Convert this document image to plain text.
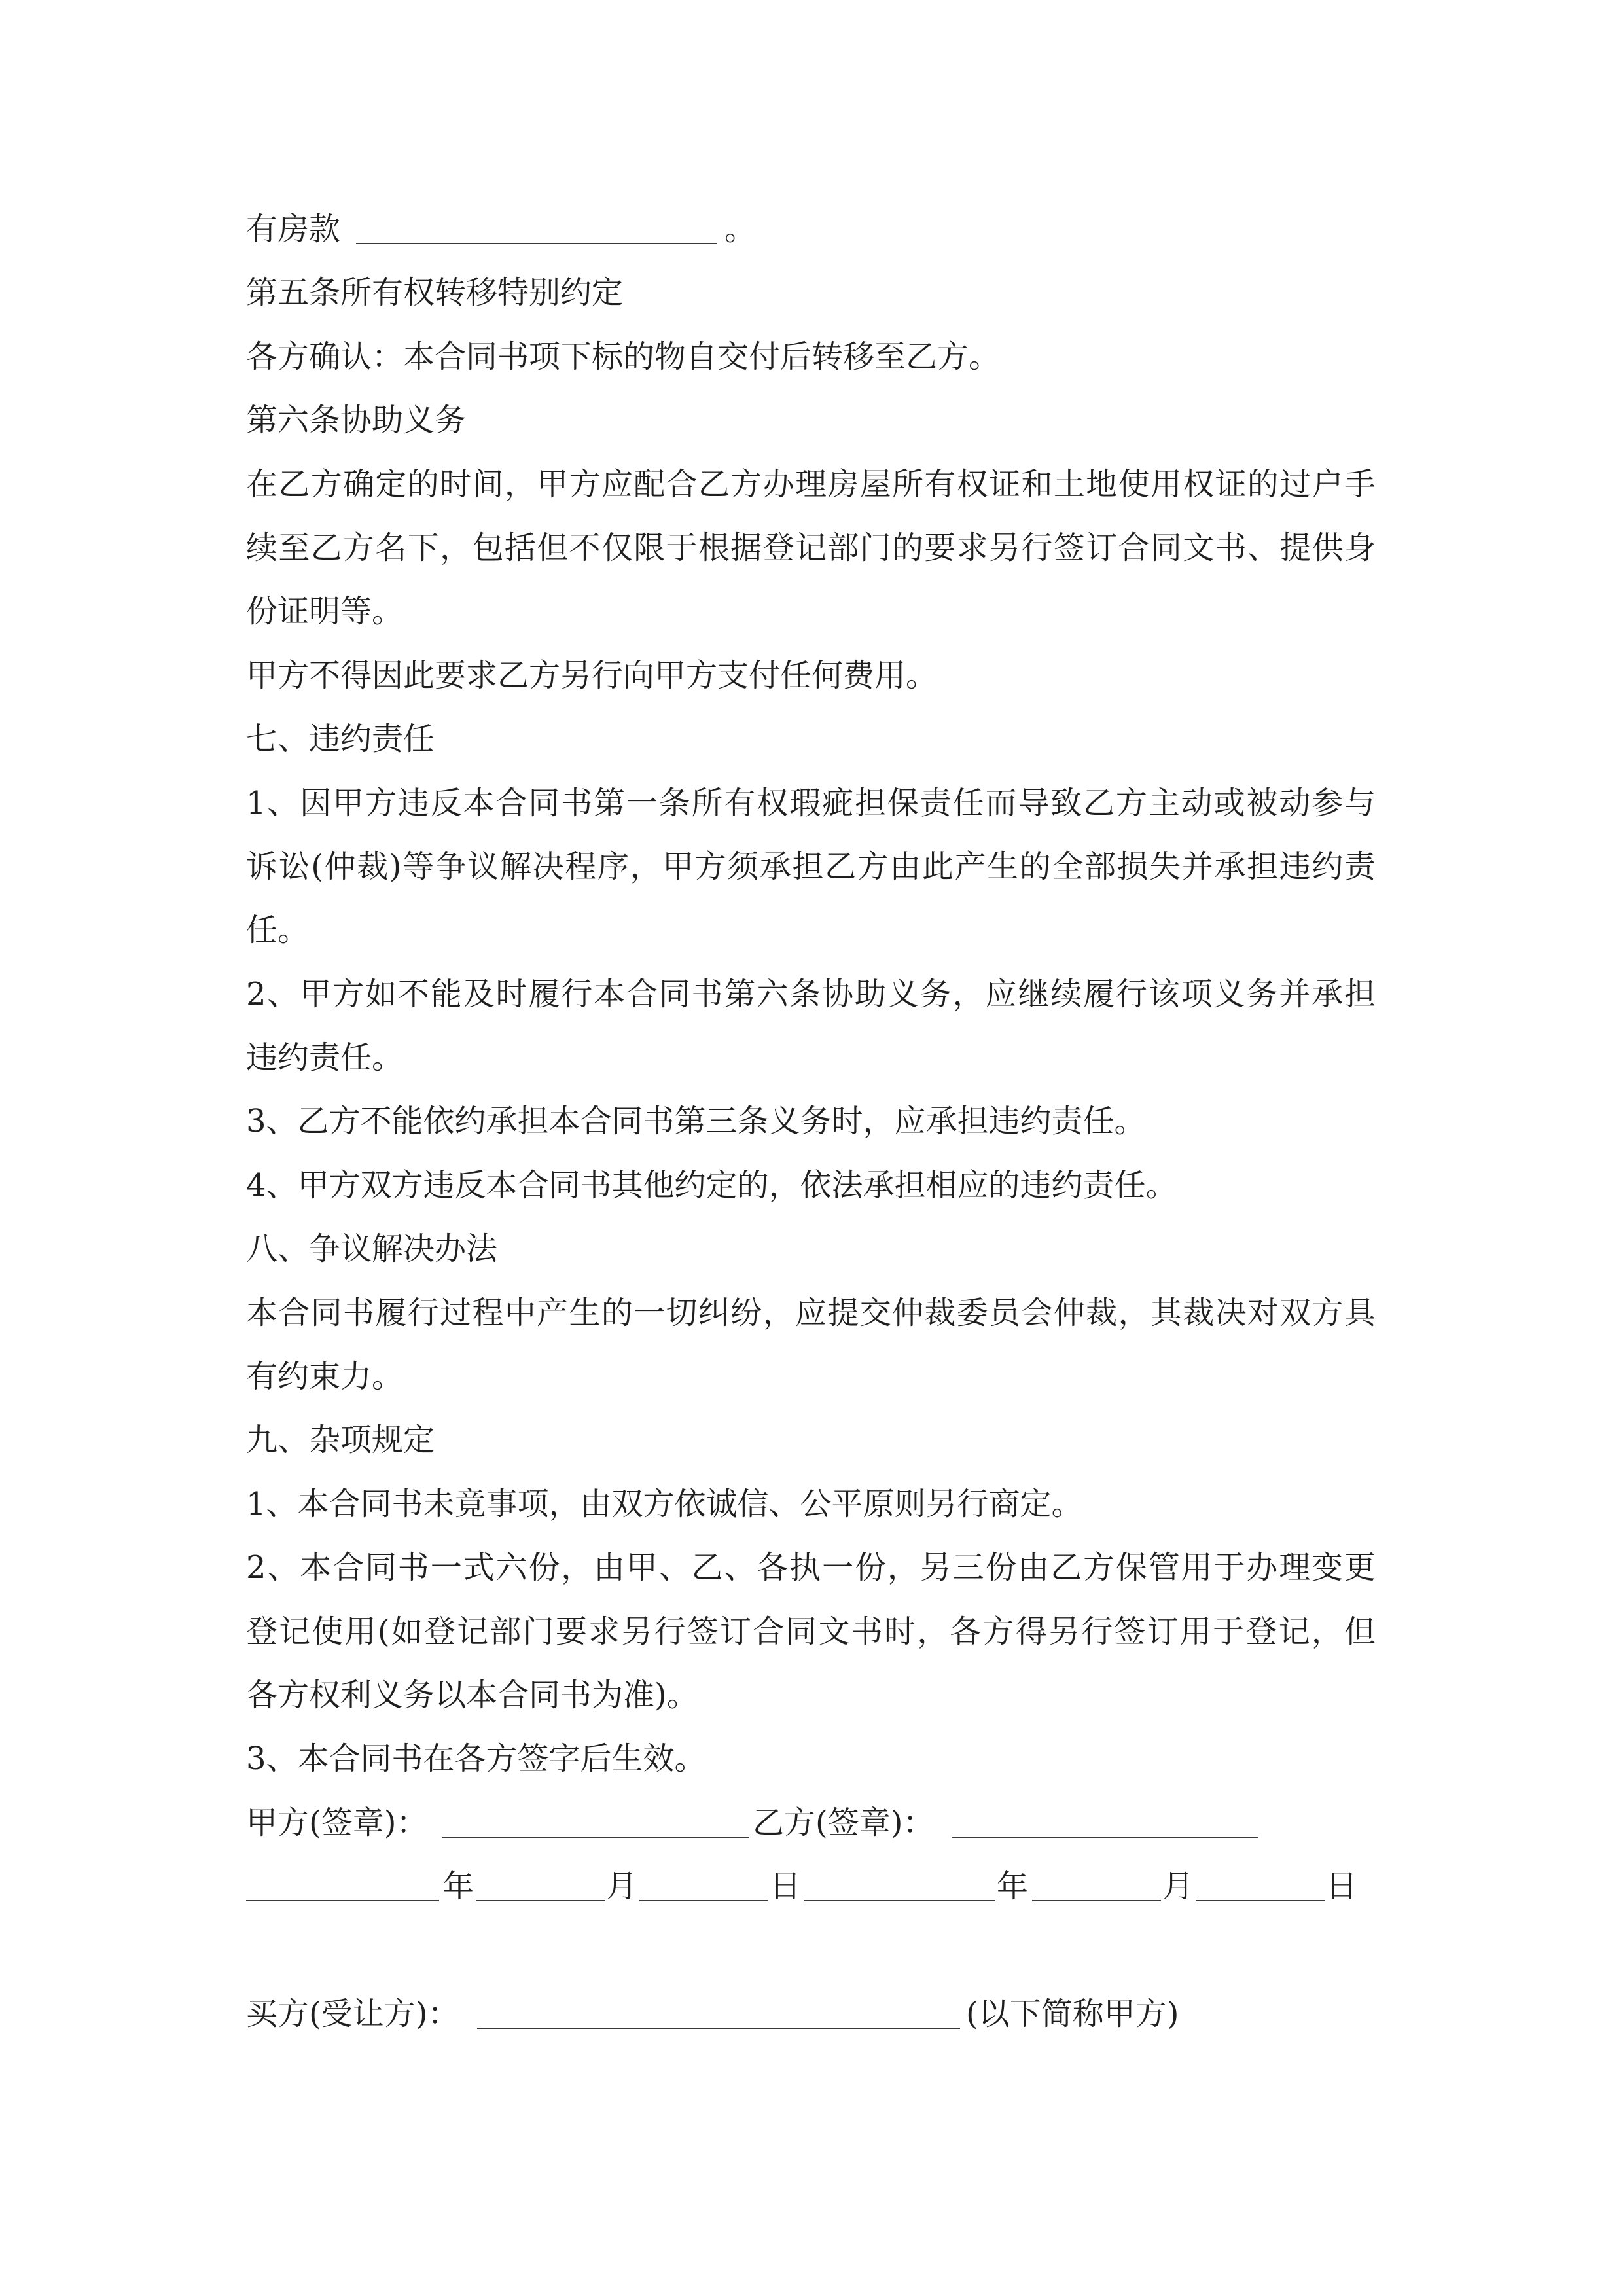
有房款	。
第五条所有权转移特别约定
各方确认：本合同书项下标的物自交付后转移至乙方。
第六条协助义务
在乙方确定的时间，甲方应配合乙方办理房屋所有权证和土地使用权证的过户手
续至乙方名下，包括但不仅限于根据登记部门的要求另行签订合同文书、提供身
份证明等。
甲方不得因此要求乙方另行向甲方支付任何费用。
七、违约责任
1、因甲方违反本合同书第一条所有权瑕疵担保责任而导致乙方主动或被动参与
诉讼(仲裁)等争议解决程序，甲方须承担乙方由此产生的全部损失并承担违约责
任。
2、甲方如不能及时履行本合同书第六条协助义务，应继续履行该项义务并承担
违约责任。
3、乙方不能依约承担本合同书第三条义务时，应承担违约责任。
4、甲方双方违反本合同书其他约定的，依法承担相应的违约责任。
八、争议解决办法
本合同书履行过程中产生的一切纠纷，应提交仲裁委员会仲裁，其裁决对双方具
有约束力。
九、杂项规定
1、本合同书未竟事项，由双方依诚信、公平原则另行商定。
2、本合同书一式六份，由甲、乙、各执一份，另三份由乙方保管用于办理变更
登记使用(如登记部门要求另行签订合同文书时，各方得另行签订用于登记，但
各方权利义务以本合同书为准)。
3、本合同书在各方签字后生效。
甲方(签章)：	乙方(签章)：
年	月	日	年	月	日
买方(受让方)：	(以下简称甲方)
